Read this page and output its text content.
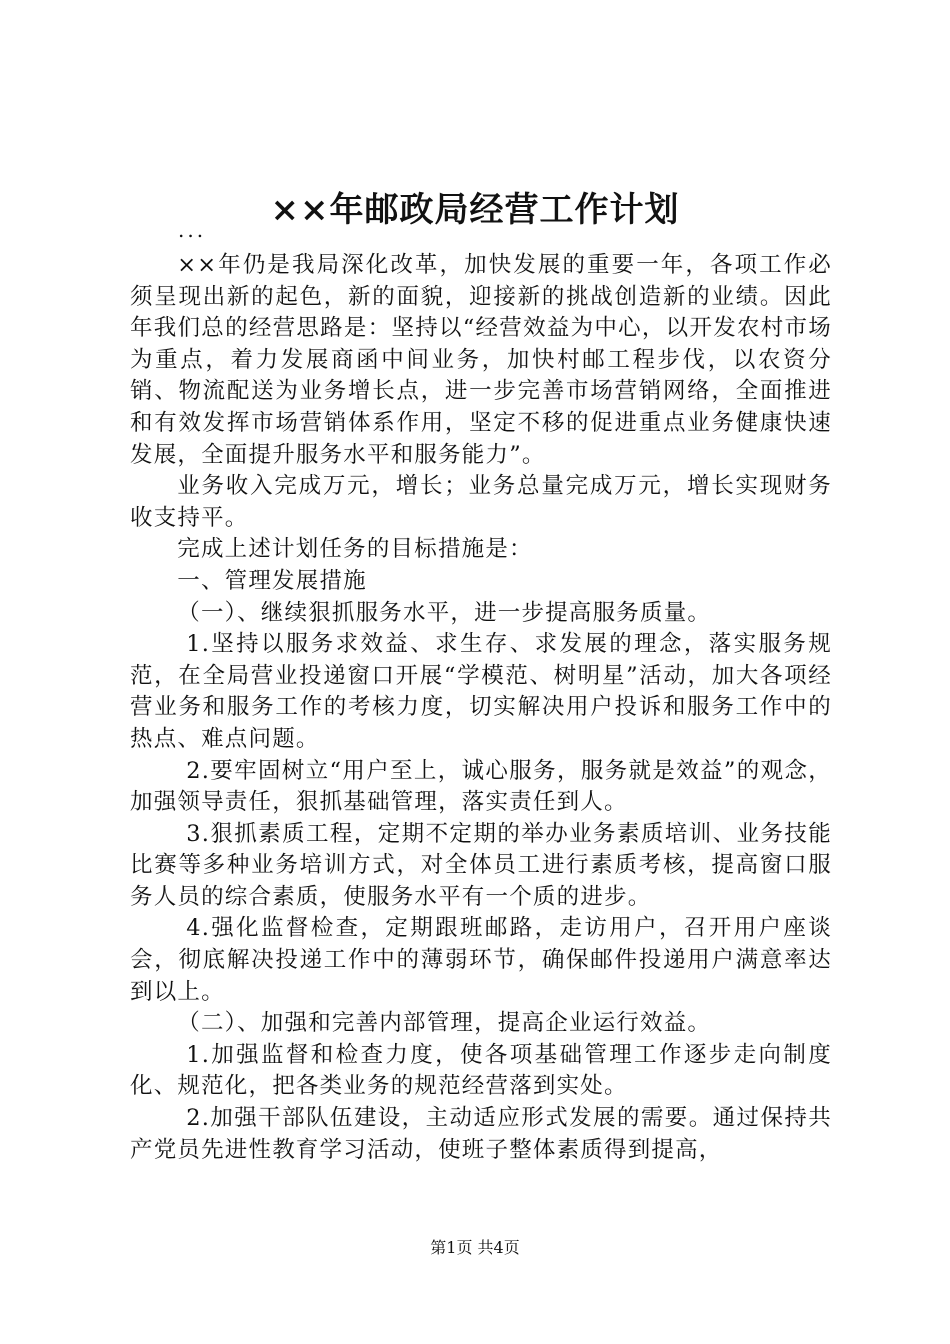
××年邮政局经营工作计划
...

××年仍是我局深化改革，加快发展的重要一年，各项工作必须呈现出新的起色，新的面貌，迎接新的挑战创造新的业绩。因此年我们总的经营思路是：坚持以“经营效益为中心，以开发农村市场为重点，着力发展商函中间业务，加快村邮工程步伐，以农资分销、物流配送为业务增长点，进一步完善市场营销网络，全面推进和有效发挥市场营销体系作用，坚定不移的促进重点业务健康快速发展，全面提升服务水平和服务能力”。

业务收入完成万元，增长；业务总量完成万元，增长实现财务收支持平。

完成上述计划任务的目标措施是：

一、管理发展措施

（一）、继续狠抓服务水平，进一步提高服务质量。

1.坚持以服务求效益、求生存、求发展的理念，落实服务规范，在全局营业投递窗口开展“学模范、树明星”活动，加大各项经营业务和服务工作的考核力度，切实解决用户投诉和服务工作中的热点、难点问题。

2.要牢固树立“用户至上，诚心服务，服务就是效益”的观念，加强领导责任，狠抓基础管理，落实责任到人。

3.狠抓素质工程，定期不定期的举办业务素质培训、业务技能比赛等多种业务培训方式，对全体员工进行素质考核，提高窗口服务人员的综合素质，使服务水平有一个质的进步。

4.强化监督检查，定期跟班邮路，走访用户，召开用户座谈会，彻底解决投递工作中的薄弱环节，确保邮件投递用户满意率达到以上。

（二）、加强和完善内部管理，提高企业运行效益。

1.加强监督和检查力度，使各项基础管理工作逐步走向制度化、规范化，把各类业务的规范经营落到实处。

2.加强干部队伍建设，主动适应形式发展的需要。通过保持共产党员先进性教育学习活动，使班子整体素质得到提高，

第1页 共4页
